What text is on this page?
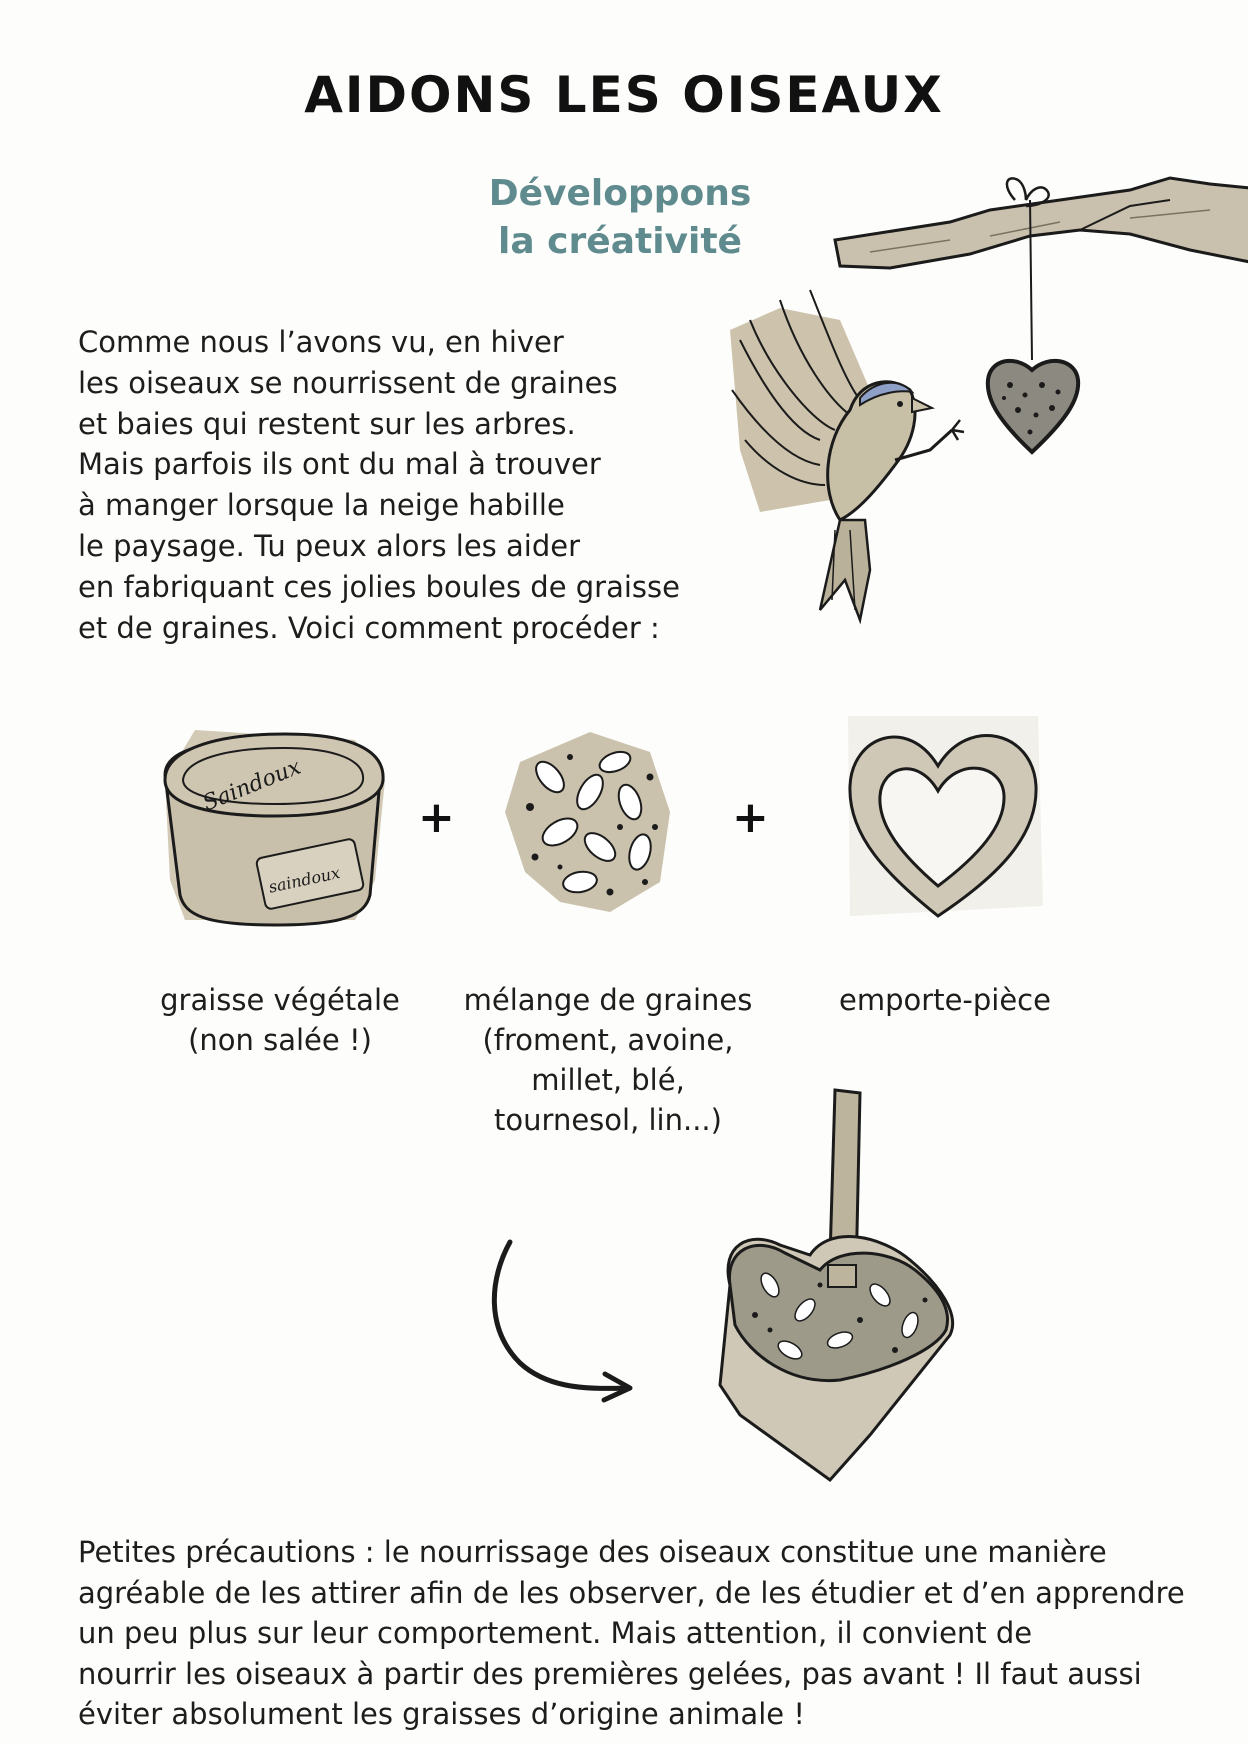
AIDONS LES OISEAUX
Développons
la créativité
Comme nous l’avons vu, en hiver
les oiseaux se nourrissent de graines
et baies qui restent sur les arbres.
Mais parfois ils ont du mal à trouver
à manger lorsque la neige habille
le paysage. Tu peux alors les aider
en fabriquant ces jolies boules de graisse
et de graines. Voici comment procéder :
Saindoux
saindoux
+	+
graisse végétale
(non salée !)
mélange de graines
(froment, avoine,
millet, blé,
tournesol, lin...)
emporte-pièce
Petites précautions : le nourrissage des oiseaux constitue une manière
agréable de les attirer afin de les observer, de les étudier et d’en apprendre
un peu plus sur leur comportement. Mais attention, il convient de
nourrir les oiseaux à partir des premières gelées, pas avant ! Il faut aussi
éviter absolument les graisses d’origine animale !
